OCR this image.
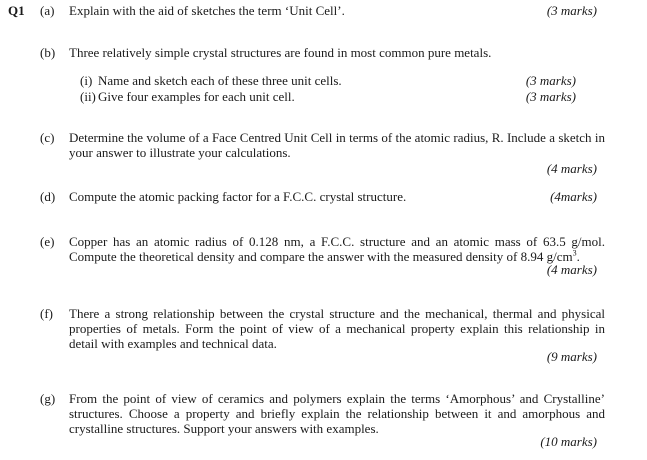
Q1 (a) Explain with the aid of sketches the term ‘Unit Cell’.	(3 marks)
(b) Three relatively simple crystal structures are found in most common pure metals.
(i) Name and sketch each of these three unit cells.	(3 marks)
(ii) Give four examples for each unit cell.	(3 marks)
(c) Determine the volume of a Face Centred Unit Cell in terms of the atomic radius, R. Include a sketch in your answer to illustrate your calculations.
(4 marks)
(d) Compute the atomic packing factor for a F.C.C. crystal structure.	(4marks)
(e) Copper has an atomic radius of 0.128 nm, a F.C.C. structure and an atomic mass of 63.5 g/mol. Compute the theoretical density and compare the answer with the measured density of 8.94 $g/cm^3$.
(4 marks)
(f) There a strong relationship between the crystal structure and the mechanical, thermal and physical properties of metals. Form the point of view of a mechanical property explain this relationship in detail with examples and technical data.
(9 marks)
(g) From the point of view of ceramics and polymers explain the terms ‘Amorphous’ and Crystalline’ structures. Choose a property and briefly explain the relationship between it and amorphous and crystalline structures. Support your answers with examples.
(10 marks)
